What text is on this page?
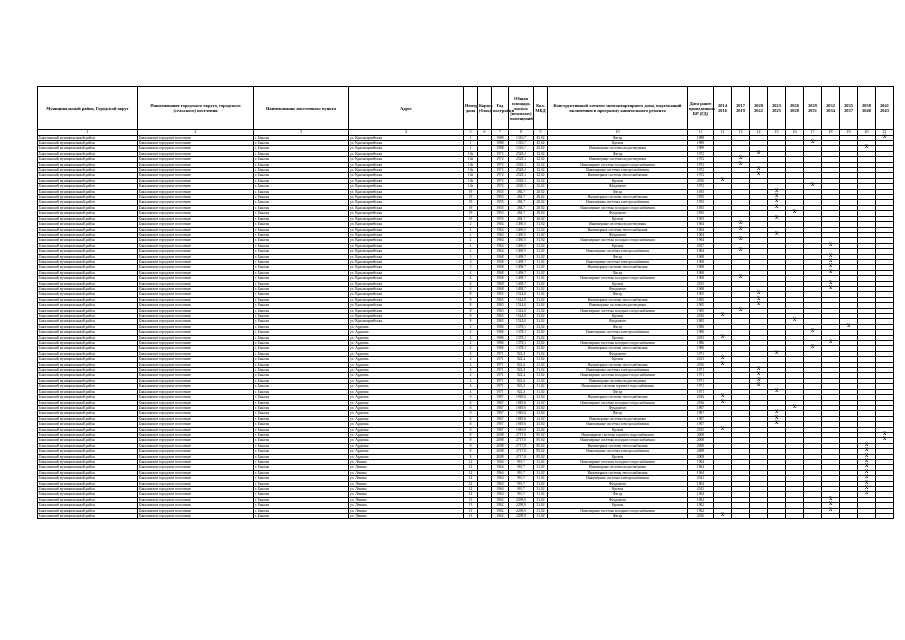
Муниципальный район, Городской округ	Наименование городского округа, городского (сельского) поселения	Наименование населенного пункта	Адрес	Номер дома	Корпус (блок)	Год постройки	Общая площадь жилых (нежилых) помещений	Кол. МКД	Конструктивный элемент многоквартирного дома, подлежащий включению в программу капитального ремонта	Дата ранее проведенных КР (ГД)	2014 2016	2017 2019	2020 2022	2023 2025	2026 2028	2029 2031	2032 2034	2035 2037	2038 2040	2041 2043
1	2	3	4	5	6	7	8	9	10	11	12	13	14	15	16	17	18	19	20	21
Бакалинский муниципальный район	Бакалинское городское поселение	г. Бакалы	ул. Красноармейская	1		1988	1316,7	45,02	Фасад	1988										X
Бакалинский муниципальный район	Бакалинское городское поселение	г. Бакалы	ул. Красноармейская	1		1988	1316,7	45,02	Кровля	1989						X				
Бакалинский муниципальный район	Бакалинское городское поселение	г. Бакалы	ул. Красноармейская	1		1988	1316,7	45,02	Инженерные системы водоотведения	1989									X	
Бакалинский муниципальный район	Бакалинское городское поселение	г. Бакалы	ул. Красноармейская	10а		1972	2528,1	32,02	Фасад	1972			X							
Бакалинский муниципальный район	Бакалинское городское поселение	г. Бакалы	ул. Красноармейская	10а		1972	2528,1	32,02	Инженерные системы водоотведения	1972		X								
Бакалинский муниципальный район	Бакалинское городское поселение	г. Бакалы	ул. Красноармейская	10а		1972	2528,1	32,02	Инженерные системы холодного водоснабжения	1972		X								
Бакалинский муниципальный район	Бакалинское городское поселение	г. Бакалы	ул. Красноармейская	10а		1972	2528,1	32,02	Инженерные системы электроснабжения	1972			X							
Бакалинский муниципальный район	Бакалинское городское поселение	г. Бакалы	ул. Красноармейская	10а		1972	2528,1	32,02	Инженерные системы теплоснабжения	1972			X							
Бакалинский муниципальный район	Бакалинское городское поселение	г. Бакалы	ул. Красноармейская	10а		1972	2528,1	32,02	Кровля	2016	X									
Бакалинский муниципальный район	Бакалинское городское поселение	г. Бакалы	ул. Красноармейская	10а		1972	2528,1	32,02	Фундамент	1972						X				
Бакалинский муниципальный район	Бакалинское городское поселение	г. Бакалы	ул. Красноармейская	19		1955	284,7	28,02	Фасад	1955				X						
Бакалинский муниципальный район	Бакалинское городское поселение	г. Бакалы	ул. Красноармейская	19		1955	284,7	28,02	Инженерные системы теплоснабжения	1955				X						
Бакалинский муниципальный район	Бакалинское городское поселение	г. Бакалы	ул. Красноармейская	19		1955	284,7	28,02	Инженерные системы электроснабжения	1955				X						
Бакалинский муниципальный район	Бакалинское городское поселение	г. Бакалы	ул. Красноармейская	19		1955	284,7	28,02	Инженерные системы холодного водоснабжения	1955				X						
Бакалинский муниципальный район	Бакалинское городское поселение	г. Бакалы	ул. Красноармейская	19		1955	284,7	28,02	Фундамент	1955					X					
Бакалинский муниципальный район	Бакалинское городское поселение	г. Бакалы	ул. Красноармейская	19		1955	284,7	28,02	Кровля	1955				X						
Бакалинский муниципальный район	Бакалинское городское поселение	г. Бакалы	ул. Красноармейская	2		1964	1490,5	31,02	Инженерные системы водоотведения	1964		X								
Бакалинский муниципальный район	Бакалинское городское поселение	г. Бакалы	ул. Красноармейская	2		1964	1490,5	31,02	Инженерные системы теплоснабжения	1964		X								
Бакалинский муниципальный район	Бакалинское городское поселение	г. Бакалы	ул. Красноармейская	2		1964	1490,5	31,02	Фундамент	1964				X						
Бакалинский муниципальный район	Бакалинское городское поселение	г. Бакалы	ул. Красноармейская	2		1964	1490,5	31,02	Инженерные системы холодного водоснабжения	1964		X								
Бакалинский муниципальный район	Бакалинское городское поселение	г. Бакалы	ул. Красноармейская	2		1964	1490,5	31,02	Кровля	2017							X			
Бакалинский муниципальный район	Бакалинское городское поселение	г. Бакалы	ул. Красноармейская	2		1964	1490,5	31,02	Инженерные системы электроснабжения	1964		X								
Бакалинский муниципальный район	Бакалинское городское поселение	г. Бакалы	ул. Красноармейская	3		1968	1498,7	31,02	Фасад	1968							X			
Бакалинский муниципальный район	Бакалинское городское поселение	г. Бакалы	ул. Красноармейская	3		1968	1498,7	31,02	Инженерные системы электроснабжения	1968							X			
Бакалинский муниципальный район	Бакалинское городское поселение	г. Бакалы	ул. Красноармейская	3		1968	1498,7	31,02	Инженерные системы теплоснабжения	1968							X			
Бакалинский муниципальный район	Бакалинское городское поселение	г. Бакалы	ул. Красноармейская	4		1968	1498,7	31,02	Фасад	1968							X			
Бакалинский муниципальный район	Бакалинское городское поселение	г. Бакалы	ул. Красноармейская	4		1968	1498,7	31,02	Инженерные системы холодного водоснабжения	1968		X								
Бакалинский муниципальный район	Бакалинское городское поселение	г. Бакалы	ул. Красноармейская	4		1968	1498,7	31,02	Кровля	2015							X			
Бакалинский муниципальный район	Бакалинское городское поселение	г. Бакалы	ул. Красноармейская	4		1968	1498,7	31,02	Фундамент	1968							X			
Бакалинский муниципальный район	Бакалинское городское поселение	г. Бакалы	ул. Красноармейская	8		1965	1524,0	31,02	Фасад	1965			X							
Бакалинский муниципальный район	Бакалинское городское поселение	г. Бакалы	ул. Красноармейская	8		1965	1524,0	31,02	Инженерные системы теплоснабжения	1965			X							
Бакалинский муниципальный район	Бакалинское городское поселение	г. Бакалы	ул. Красноармейская	8		1965	1524,0	31,02	Инженерные системы водоотведения	1965			X							
Бакалинский муниципальный район	Бакалинское городское поселение	г. Бакалы	ул. Красноармейская	8		1965	1524,0	31,02	Инженерные системы холодного водоснабжения	1965		X								
Бакалинский муниципальный район	Бакалинское городское поселение	г. Бакалы	ул. Красноармейская	8		1965	1524,0	31,02	Кровля	2016	X									
Бакалинский муниципальный район	Бакалинское городское поселение	г. Бакалы	ул. Красноармейская	8		1965	1524,0	31,02	Фундамент	1965					X					
Бакалинский муниципальный район	Бакалинское городское поселение	г. Бакалы	ул. Ардовна	2		1986	1378,1	23,02	Фасад	1986								X		
Бакалинский муниципальный район	Бакалинское городское поселение	г. Бакалы	ул. Ардовна	2		1986	1378,1	23,02	Инженерные системы электроснабжения	1986						X				
Бакалинский муниципальный район	Бакалинское городское поселение	г. Бакалы	ул. Ардовна	2		1986	1378,1	23,02	Кровля	2015	X									
Бакалинский муниципальный район	Бакалинское городское поселение	г. Бакалы	ул. Ардовна	2		1986	1378,1	23,02	Инженерные системы холодного водоснабжения	1986							X			
Бакалинский муниципальный район	Бакалинское городское поселение	г. Бакалы	ул. Ардовна	2		1986	1378,1	23,02	Инженерные системы теплоснабжения	1986						X				
Бакалинский муниципальный район	Бакалинское городское поселение	г. Бакалы	ул. Ардовна	4		1971	922,4	31,02	Фундамент	1971				X						
Бакалинский муниципальный район	Бакалинское городское поселение	г. Бакалы	ул. Ардовна	4		1971	922,4	31,02	Кровля	2015	X									
Бакалинский муниципальный район	Бакалинское городское поселение	г. Бакалы	ул. Ардовна	4		1971	922,4	31,02	Инженерные системы теплоснабжения	2016	X									
Бакалинский муниципальный район	Бакалинское городское поселение	г. Бакалы	ул. Ардовна	4		1971	922,4	31,02	Инженерные системы электроснабжения	1971			X							
Бакалинский муниципальный район	Бакалинское городское поселение	г. Бакалы	ул. Ардовна	4		1971	922,4	31,02	Инженерные системы холодного водоснабжения	1971			X							
Бакалинский муниципальный район	Бакалинское городское поселение	г. Бакалы	ул. Ардовна	4		1971	922,4	31,02	Инженерные системы водоотведения	1971			X							
Бакалинский муниципальный район	Бакалинское городское поселение	г. Бакалы	ул. Ардовна	4		1971	922,4	31,02	Инженерные системы горячего водоснабжения	1971			X							
Бакалинский муниципальный район	Бакалинское городское поселение	г. Бакалы	ул. Ардовна	4		1971	922,4	31,02	Фасад	1971				X						
Бакалинский муниципальный район	Бакалинское городское поселение	г. Бакалы	ул. Ардовна	6		1967	1949,6	23,02	Инженерные системы теплоснабжения	2016	X									
Бакалинский муниципальный район	Бакалинское городское поселение	г. Бакалы	ул. Ардовна	6		1967	1949,6	23,02	Инженерные системы холодного водоснабжения	2016	X									
Бакалинский муниципальный район	Бакалинское городское поселение	г. Бакалы	ул. Ардовна	6		1967	1949,6	23,02	Фундамент	1967					X					
Бакалинский муниципальный район	Бакалинское городское поселение	г. Бакалы	ул. Ардовна	6		1967	1949,6	23,02	Фасад	1967				X						
Бакалинский муниципальный район	Бакалинское городское поселение	г. Бакалы	ул. Ардовна	6		1967	1949,6	23,02	Инженерные системы водоотведения	1967				X						
Бакалинский муниципальный район	Бакалинское городское поселение	г. Бакалы	ул. Ардовна	6		1967	1949,6	23,02	Инженерные системы электроснабжения	1967				X						
Бакалинский муниципальный район	Бакалинское городское поселение	г. Бакалы	ул. Ардовна	6		1967	1949,6	23,02	Кровля	2015	X									
Бакалинский муниципальный район	Бакалинское городское поселение	г. Бакалы	ул. Ардовна	8		2008	2717,0	85,02	Инженерные системы горячего водоснабжения	2008										X
Бакалинский муниципальный район	Бакалинское городское поселение	г. Бакалы	ул. Ардовна	8		2008	2717,0	85,02	Инженерные системы холодного водоснабжения	2008										X
Бакалинский муниципальный район	Бакалинское городское поселение	г. Бакалы	ул. Ардовна	8		2008	2717,0	85,02	Инженерные системы теплоснабжения	2008									X	
Бакалинский муниципальный район	Бакалинское городское поселение	г. Бакалы	ул. Ардовна	8		2008	2717,0	85,02	Инженерные системы электроснабжения	2008									X	
Бакалинский муниципальный район	Бакалинское городское поселение	г. Бакалы	ул. Ардовна	8		2008	2717,0	85,02	Кровля	2008									X	
Бакалинский муниципальный район	Бакалинское городское поселение	г. Бакалы	ул. Ленина	12		1964	910,7	31,02	Инженерные системы холодного водоснабжения	1964									X	
Бакалинский муниципальный район	Бакалинское городское поселение	г. Бакалы	ул. Ленина	12		1964	910,7	31,02	Инженерные системы водоотведения	1964									X	
Бакалинский муниципальный район	Бакалинское городское поселение	г. Бакалы	ул. Ленина	12		1964	910,7	31,02	Инженерные системы теплоснабжения	1964									X	
Бакалинский муниципальный район	Бакалинское городское поселение	г. Бакалы	ул. Ленина	12		1964	910,7	31,02	Инженерные системы электроснабжения	2012									X	
Бакалинский муниципальный район	Бакалинское городское поселение	г. Бакалы	ул. Ленина	12		1964	910,7	31,02	Фундамент	1964									X	
Бакалинский муниципальный район	Бакалинское городское поселение	г. Бакалы	ул. Ленина	12		1964	910,7	31,02	Кровля	2012									X	
Бакалинский муниципальный район	Бакалинское городское поселение	г. Бакалы	ул. Ленина	12		1964	910,7	31,02	Фасад	1964									X	
Бакалинский муниципальный район	Бакалинское городское поселение	г. Бакалы	ул. Ленина	13		1962	2298,9	31,02	Фундамент	1962							X			
Бакалинский муниципальный район	Бакалинское городское поселение	г. Бакалы	ул. Ленина	13		1962	2298,9	31,02	Кровля	1962							X			
Бакалинский муниципальный район	Бакалинское городское поселение	г. Бакалы	ул. Ленина	13		1962	2298,9	31,02	Инженерные системы холодного водоснабжения	1962							X			
Бакалинский муниципальный район	Бакалинское городское поселение	г. Бакалы	ул. Ленина	13		1962	2298,9	31,02	Фасад	2016	X									
